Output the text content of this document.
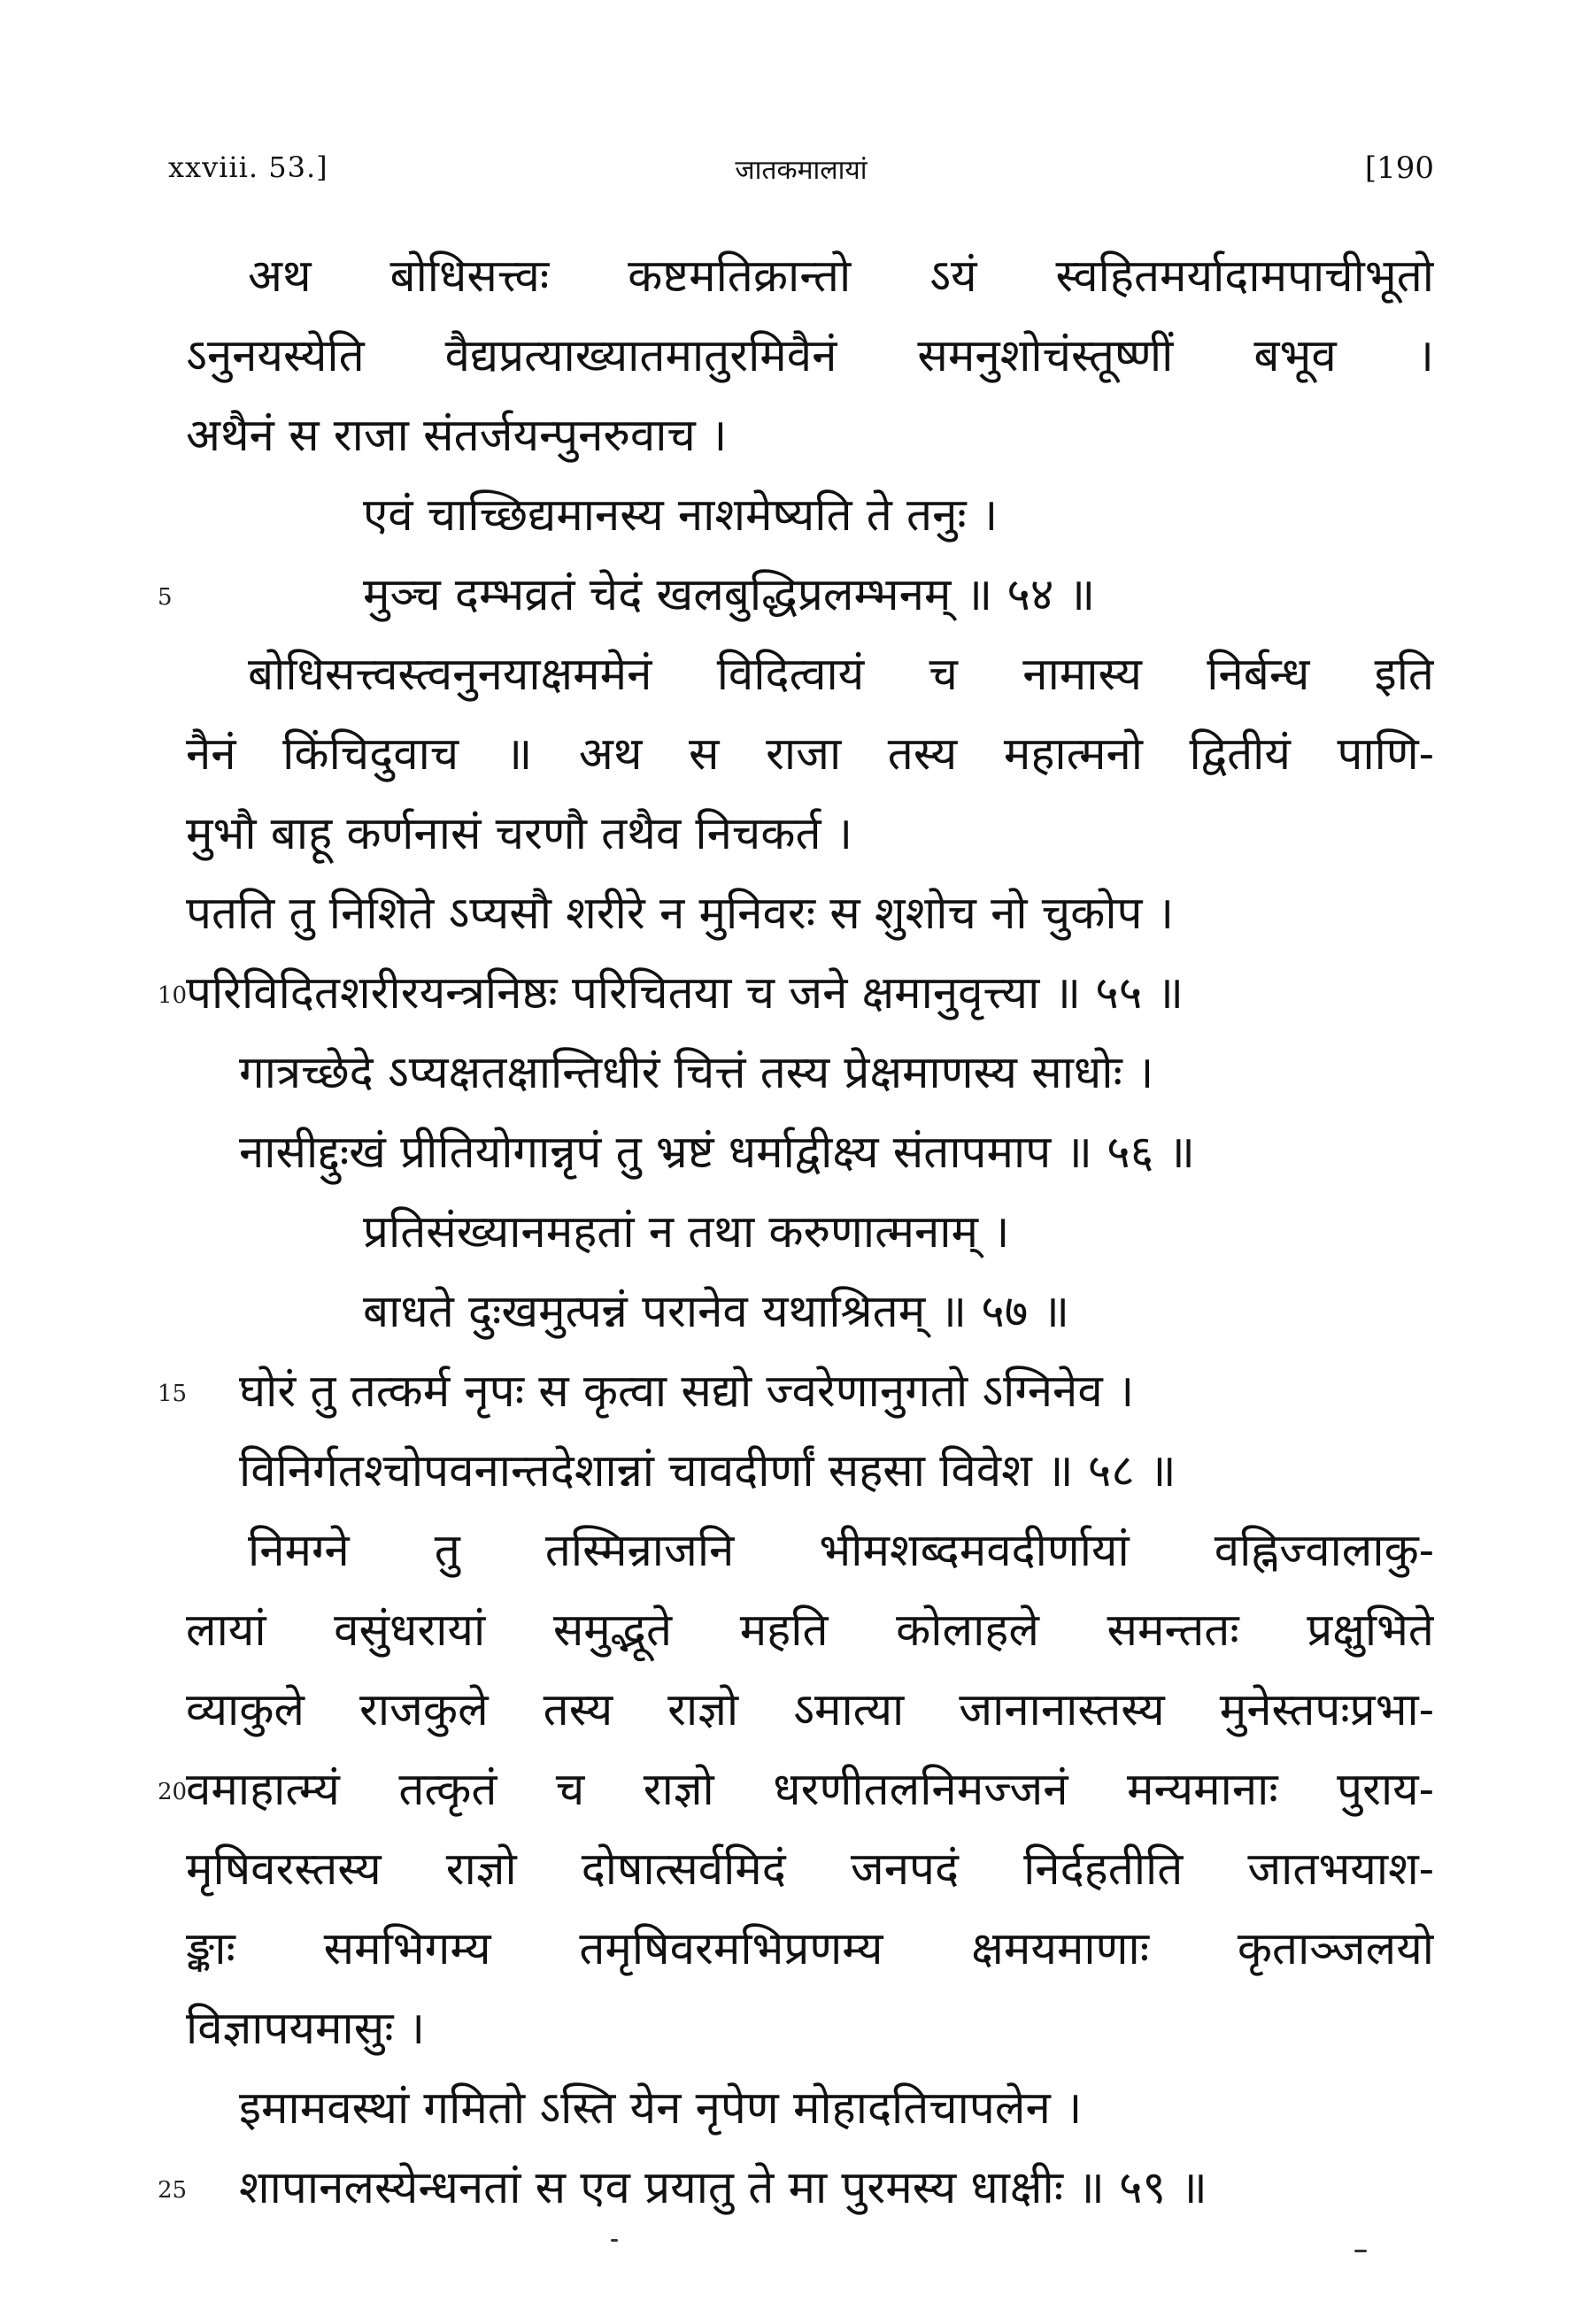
xxviii. 53.]	जातकमालायां	[190
अथ बोधिसत्त्वः कष्टमतिक्रान्तो ऽयं स्वहितमर्यादामपाचीभूतो
ऽनुनयस्येति वैद्यप्रत्याख्यातमातुरमिवैनं समनुशोचंस्तूष्णीं बभूव ।
अथैनं स राजा संतर्जयन्पुनरुवाच ।
एवं चाच्छिद्यमानस्य नाशमेष्यति ते तनुः ।
मुञ्च दम्भव्रतं चेदं खलबुद्धिप्रलम्भनम् ॥ ५४ ॥
बोधिसत्त्वस्त्वनुनयाक्षममेनं विदित्वायं च नामास्य निर्बन्ध इति
नैनं किंचिदुवाच ॥ अथ स राजा तस्य महात्मनो द्वितीयं पाणि-
मुभौ बाहू कर्णनासं चरणौ तथैव निचकर्त ।
पतति तु निशिते ऽप्यसौ शरीरे न मुनिवरः स शुशोच नो चुकोप ।
परिविदितशरीरयन्त्रनिष्ठः परिचितया च जने क्षमानुवृत्त्या ॥ ५५ ॥
गात्रच्छेदे ऽप्यक्षतक्षान्तिधीरं चित्तं तस्य प्रेक्षमाणस्य साधोः ।
नासीद्दुःखं प्रीतियोगान्नृपं तु भ्रष्टं धर्माद्वीक्ष्य संतापमाप ॥ ५६ ॥
प्रतिसंख्यानमहतां न तथा करुणात्मनाम् ।
बाधते दुःखमुत्पन्नं परानेव यथाश्रितम् ॥ ५७ ॥
घोरं तु तत्कर्म नृपः स कृत्वा सद्यो ज्वरेणानुगतो ऽग्निनेव ।
विनिर्गतश्चोपवनान्तदेशान्नां चावदीर्णां सहसा विवेश ॥ ५८ ॥
निमग्ने तु तस्मिन्राजनि भीमशब्दमवदीर्णायां वह्निज्वालाकु-
लायां वसुंधरायां समुद्भूते महति कोलाहले समन्ततः प्रक्षुभिते
व्याकुले राजकुले तस्य राज्ञो ऽमात्या जानानास्तस्य मुनेस्तपःप्रभा-
वमाहात्म्यं तत्कृतं च राज्ञो धरणीतलनिमज्जनं मन्यमानाः पुराय-
मृषिवरस्तस्य राज्ञो दोषात्सर्वमिदं जनपदं निर्दहतीति जातभयाश-
ङ्काः समभिगम्य तमृषिवरमभिप्रणम्य क्षमयमाणाः कृताञ्जलयो
विज्ञापयमासुः ।
इमामवस्थां गमितो ऽस्ति येन नृपेण मोहादतिचापलेन ।
शापानलस्येन्धनतां स एव प्रयातु ते मा पुरमस्य धाक्षीः ॥ ५९ ॥
5
10
15
20
25
